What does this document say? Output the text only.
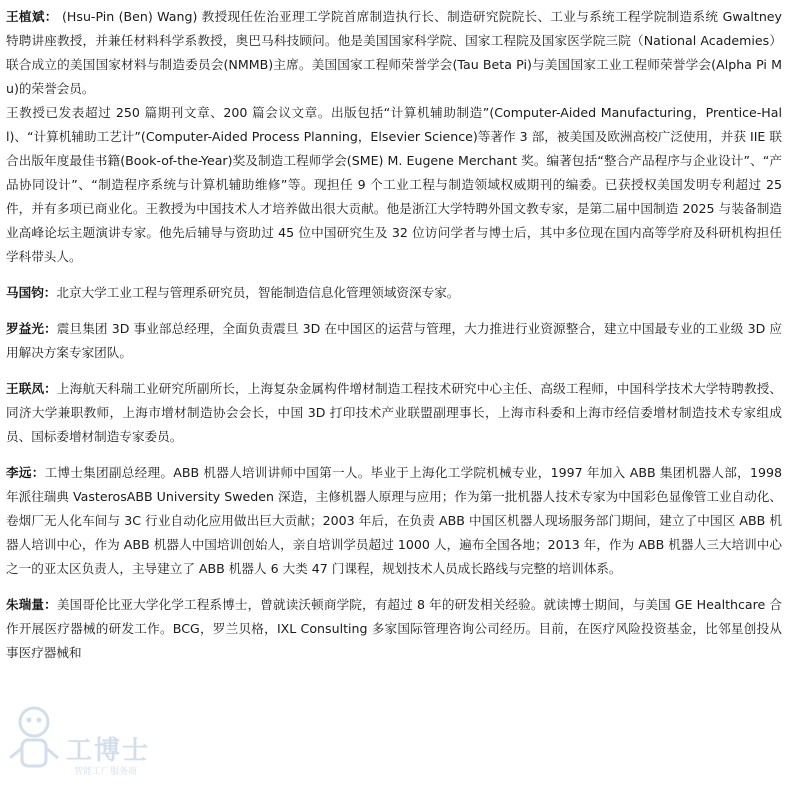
王植斌： (Hsu-Pin (Ben) Wang) 教授现任佐治亚理工学院首席制造执行长、制造研究院院长、工业与系统工程学院制造系统 Gwaltney 特聘讲座教授，并兼任材料科学系教授，奥巴马科技顾问。他是美国国家科学院、国家工程院及国家医学院三院（National Academies）联合成立的美国国家材料与制造委员会(NMMB)主席。美国国家工程师荣誉学会(Tau Beta Pi)与美国国家工业工程师荣誉学会(Alpha Pi Mu)的荣誉会员。

王教授已发表超过 250 篇期刊文章、200 篇会议文章。出版包括“计算机辅助制造”(Computer-Aided Manufacturing，Prentice-Hall)、“计算机辅助工艺计”(Computer-Aided Process Planning，Elsevier Science)等著作 3 部，被美国及欧洲高校广泛使用，并获 IIE 联合出版年度最佳书籍(Book-of-the-Year)奖及制造工程师学会(SME) M. Eugene Merchant 奖。编著包括“整合产品程序与企业设计”、“产品协同设计”、“制造程序系统与计算机辅助维修”等。现担任 9 个工业工程与制造领域权威期刊的编委。已获授权美国发明专利超过 25 件，并有多项已商业化。王教授为中国技术人才培养做出很大贡献。他是浙江大学特聘外国文教专家，是第二届中国制造 2025 与装备制造业高峰论坛主题演讲专家。他先后辅导与资助过 45 位中国研究生及 32 位访问学者与博士后，其中多位现在国内高等学府及科研机构担任学科带头人。

马国钧：北京大学工业工程与管理系研究员，智能制造信息化管理领域资深专家。

罗益光：震旦集团 3D 事业部总经理，全面负责震旦 3D 在中国区的运营与管理，大力推进行业资源整合，建立中国最专业的工业级 3D 应用解决方案专家团队。

王联凤：上海航天科瑞工业研究所副所长，上海复杂金属构件增材制造工程技术研究中心主任、高级工程师，中国科学技术大学特聘教授、同济大学兼职教师，上海市增材制造协会会长，中国 3D 打印技术产业联盟副理事长，上海市科委和上海市经信委增材制造技术专家组成员、国标委增材制造专家委员。

李远：工博士集团副总经理。ABB 机器人培训讲师中国第一人。毕业于上海化工学院机械专业，1997 年加入 ABB 集团机器人部，1998 年派往瑞典 VasterosABB University Sweden 深造，主修机器人原理与应用；作为第一批机器人技术专家为中国彩色显像管工业自动化、卷烟厂无人化车间与 3C 行业自动化应用做出巨大贡献；2003 年后，在负责 ABB 中国区机器人现场服务部门期间，建立了中国区 ABB 机器人培训中心，作为 ABB 机器人中国培训创始人，亲自培训学员超过 1000 人，遍布全国各地；2013 年，作为 ABB 机器人三大培训中心之一的亚太区负责人，主导建立了 ABB 机器人 6 大类 47 门课程，规划技术人员成长路线与完整的培训体系。

朱瑞量：美国哥伦比亚大学化学工程系博士，曾就读沃顿商学院，有超过 8 年的研发相关经验。就读博士期间，与美国 GE Healthcare 合作开展医疗器械的研发工作。BCG，罗兰贝格，IXL Consulting 多家国际管理咨询公司经历。目前，在医疗风险投资基金，比邻星创投从事医疗器械和

工博士
智能工厂服务商
